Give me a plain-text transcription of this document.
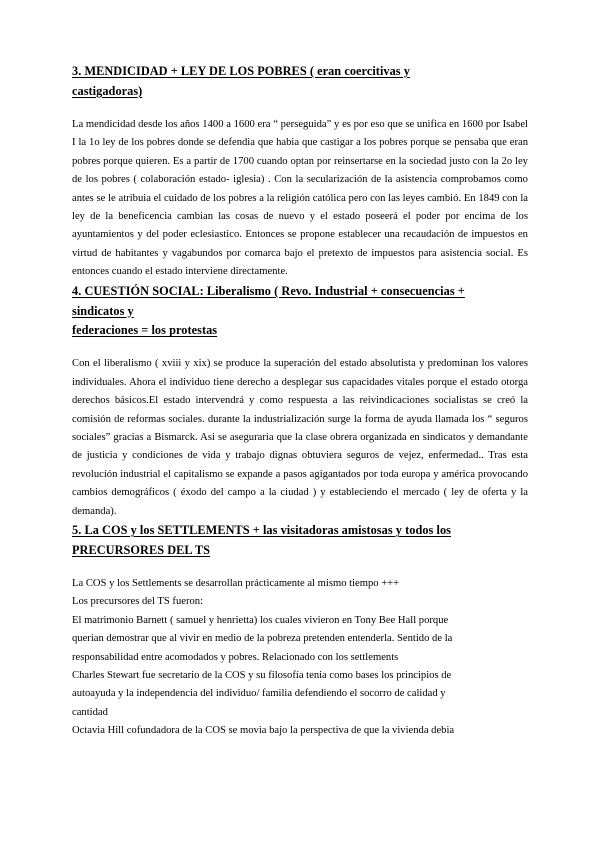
3. MENDICIDAD + LEY DE LOS POBRES ( eran coercitivas y
castigadoras)

La mendicidad desde los años 1400 a 1600 era “ perseguida” y es por eso que se unifica en 1600 por Isabel I la 1o ley de los pobres donde se defendia que habia que castigar a los pobres porque se pensaba que eran pobres porque quieren. Es a partir de 1700 cuando optan por reinsertarse en la sociedad justo con la 2o ley de los pobres ( colaboración estado- iglesia) . Con la secularización de la asistencia comprobamos como antes se le atribuia el cuidado de los pobres a la religión católica pero con las leyes cambió. En 1849 con la ley de la beneficencia cambian las cosas de nuevo y el estado poseerá el poder por encima de los ayuntamientos y del poder eclesiastico. Entonces se propone establecer una recaudación de impuestos en virtud de habitantes y vagabundos por comarca bajo el pretexto de impuestos para asistencia social. Es entonces cuando el estado interviene directamente.

4. CUESTIÓN SOCIAL: Liberalismo ( Revo. Industrial + consecuencias +
sindicatos y
federaciones = los protestas

Con el liberalismo ( xviii y xix) se produce la superación del estado absolutista y predominan los valores individuales. Ahora el individuo tiene derecho a desplegar sus capacidades vitales porque el estado otorga derechos básicos.El estado intervendrá y como respuesta a las reivindicaciones socialistas se creó la comisión de reformas sociales. durante la industrialización surge la forma de ayuda llamada los “ seguros sociales” gracias a Bismarck. Asi se aseguraria que la clase obrera organizada en sindicatos y demandante de justicia y condiciones de vida y trabajo dignas obtuviera seguros de vejez, enfermedad.. Tras esta revolución industrial el capitalismo se expande a pasos agigantados por toda europa y américa provocando cambios demográficos ( éxodo del campo a la ciudad ) y estableciendo el mercado ( ley de oferta y la demanda).

5. La COS y los SETTLEMENTS + las visitadoras amistosas y todos los
PRECURSORES DEL TS
La COS y los Settlements se desarrollan prácticamente al mismo tiempo +++
Los precursores del TS fueron:
El matrimonio Barnett ( samuel y henrietta) los cuales vivieron en Tony Bee Hall porque
querian demostrar que al vivir en medio de la pobreza pretenden entenderla. Sentido de la
responsabilidad entre acomodados y pobres. Relacionado con los settlements
Charles Stewart fue secretario de la COS y su filosofía tenia como bases los principios de
autoayuda y la independencia del individuo/ familia defendiendo el socorro de calidad y
cantidad
Octavia Hill cofundadora de la COS se movia bajo la perspectiva de que la vivienda debia
